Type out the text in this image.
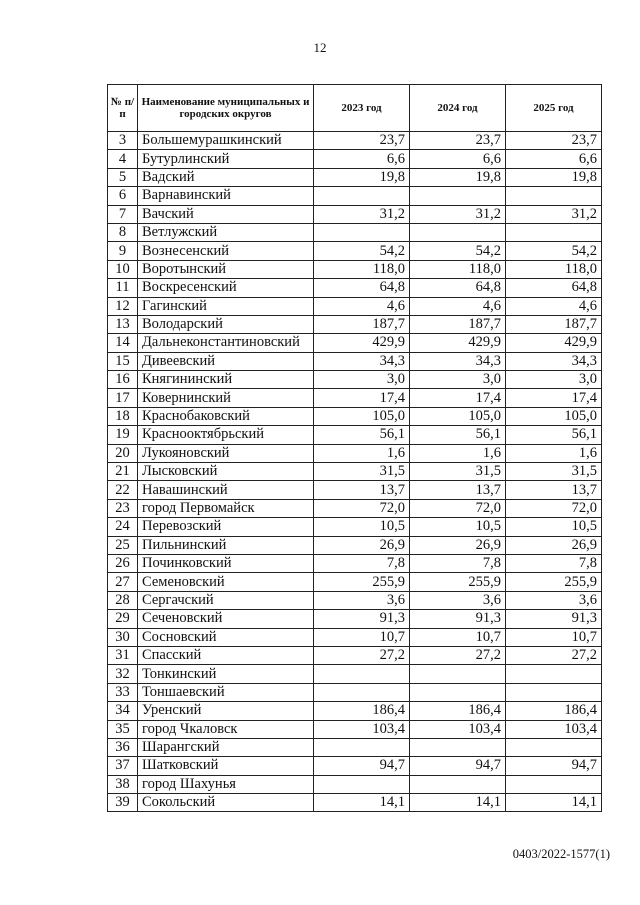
12
№ п/п	Наименование муниципальных и городских округов	2023 год	2024 год	2025 год
3	Большемурашкинский	23,7	23,7	23,7
4	Бутурлинский	6,6	6,6	6,6
5	Вадский	19,8	19,8	19,8
6	Варнавинский			
7	Вачский	31,2	31,2	31,2
8	Ветлужский			
9	Вознесенский	54,2	54,2	54,2
10	Воротынский	118,0	118,0	118,0
11	Воскресенский	64,8	64,8	64,8
12	Гагинский	4,6	4,6	4,6
13	Володарский	187,7	187,7	187,7
14	Дальнеконстантиновский	429,9	429,9	429,9
15	Дивеевский	34,3	34,3	34,3
16	Княгининский	3,0	3,0	3,0
17	Ковернинский	17,4	17,4	17,4
18	Краснобаковский	105,0	105,0	105,0
19	Краснооктябрьский	56,1	56,1	56,1
20	Лукояновский	1,6	1,6	1,6
21	Лысковский	31,5	31,5	31,5
22	Навашинский	13,7	13,7	13,7
23	город Первомайск	72,0	72,0	72,0
24	Перевозский	10,5	10,5	10,5
25	Пильнинский	26,9	26,9	26,9
26	Починковский	7,8	7,8	7,8
27	Семеновский	255,9	255,9	255,9
28	Сергачский	3,6	3,6	3,6
29	Сеченовский	91,3	91,3	91,3
30	Сосновский	10,7	10,7	10,7
31	Спасский	27,2	27,2	27,2
32	Тонкинский			
33	Тоншаевский			
34	Уренский	186,4	186,4	186,4
35	город Чкаловск	103,4	103,4	103,4
36	Шарангский			
37	Шатковский	94,7	94,7	94,7
38	город Шахунья			
39	Сокольский	14,1	14,1	14,1
0403/2022-1577(1)
